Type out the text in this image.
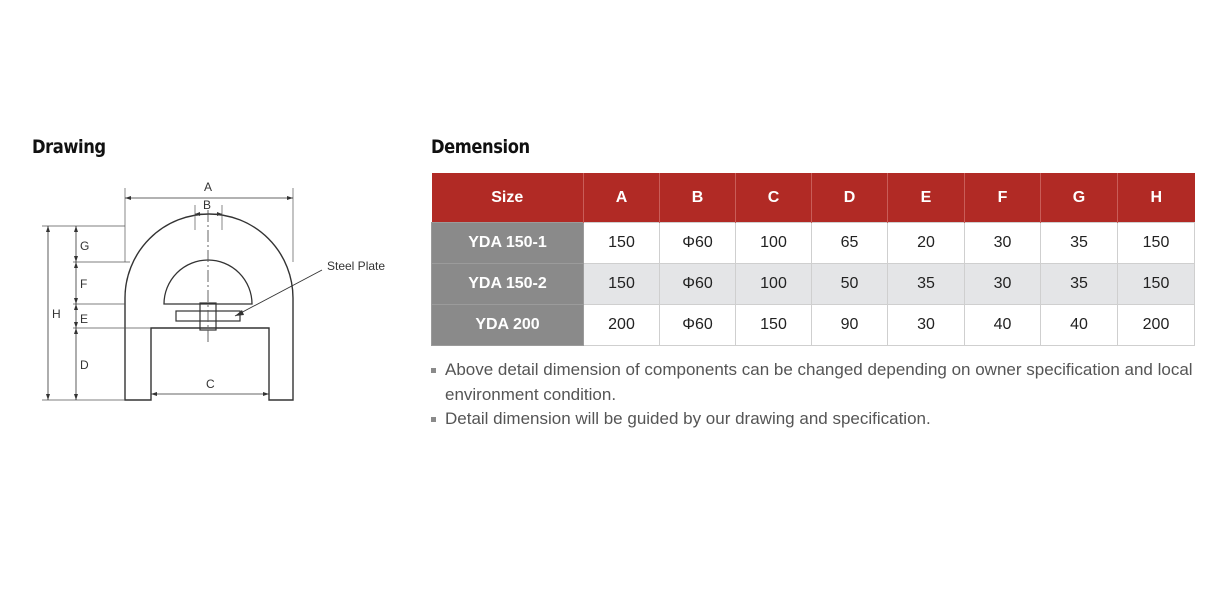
Drawing
Steel Plate
A
B
H
G
F
E
D
C
Demension
Size	A	B	C	D	E	F	G	H
YDA 150-1	150	Φ60	100	65	20	30	35	150
YDA 150-2	150	Φ60	100	50	35	30	35	150
YDA 200	200	Φ60	150	90	30	40	40	200
Above detail dimension of components can be changed depending on owner specification and local environment condition.
Detail dimension will be guided by our drawing and specification.
